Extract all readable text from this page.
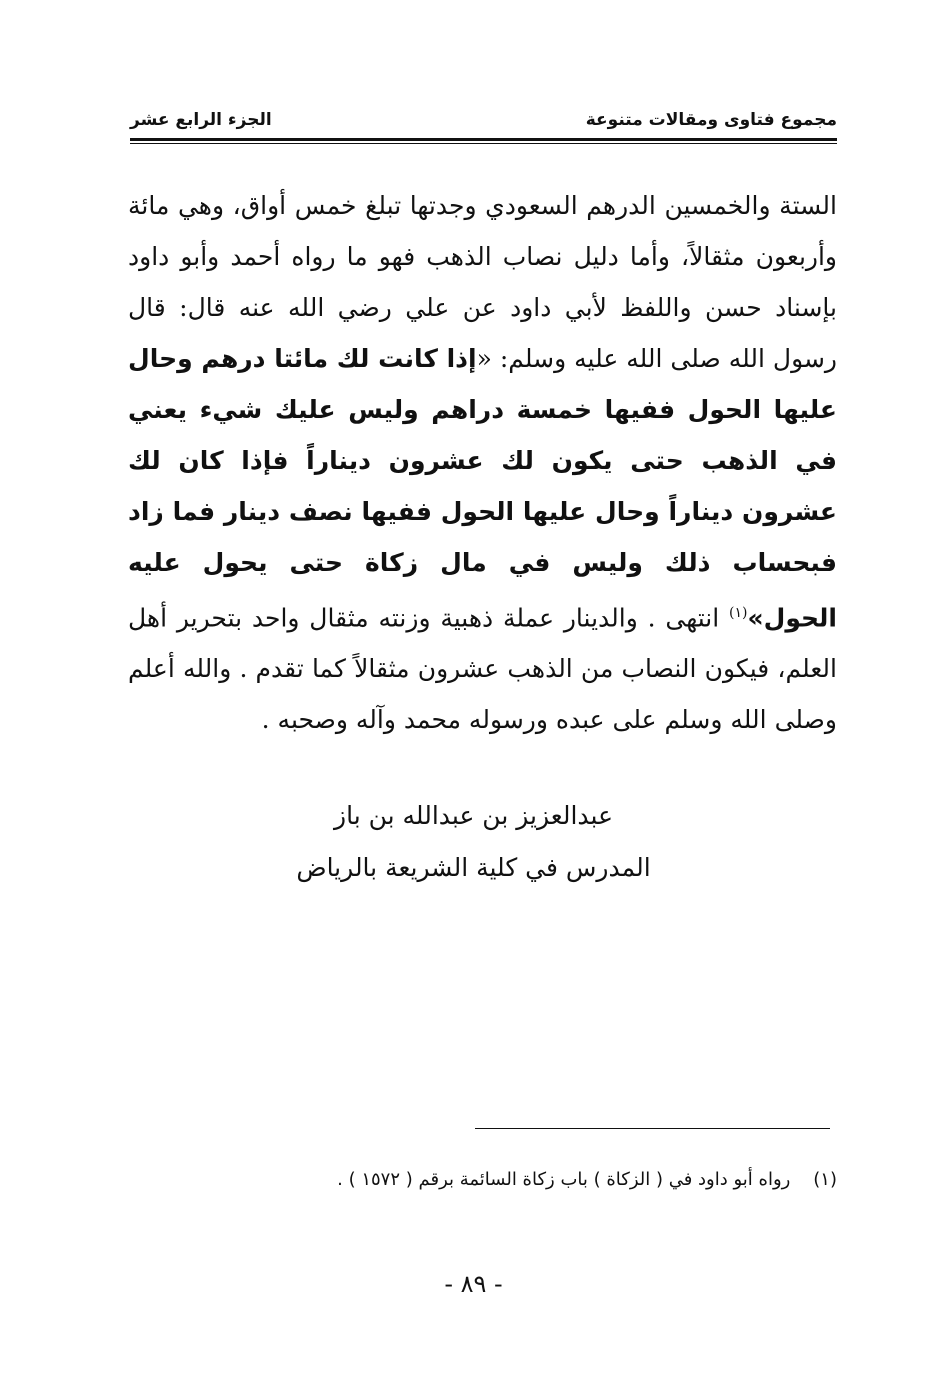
مجموع فتاوى ومقالات متنوعة
الجزء الرابع عشر
الستة والخمسين الدرهم السعودي وجدتها تبلغ خمس أواق، وهي مائة وأربعون مثقالاً، وأما دليل نصاب الذهب فهو ما رواه أحمد وأبو داود بإسناد حسن واللفظ لأبي داود عن علي رضي الله عنه قال: قال رسول الله صلى الله عليه وسلم: «إذا كانت لك مائتا درهم وحال عليها الحول ففيها خمسة دراهم وليس عليك شيء يعني في الذهب حتى يكون لك عشرون ديناراً فإذا كان لك عشرون ديناراً وحال عليها الحول ففيها نصف دينار فما زاد فبحساب ذلك وليس في مال زكاة حتى يحول عليه الحول»$^{(١)}$ انتهى . والدينار عملة ذهبية وزنته مثقال واحد بتحرير أهل العلم، فيكون النصاب من الذهب عشرون مثقالاً كما تقدم . والله أعلم وصلى الله وسلم على عبده ورسوله محمد وآله وصحبه .
عبدالعزيز بن عبدالله بن باز
المدرس في كلية الشريعة بالرياض
(١)    رواه أبو داود في ( الزكاة ) باب زكاة السائمة برقم ( ١٥٧٢ ) .
- ٨٩ -
